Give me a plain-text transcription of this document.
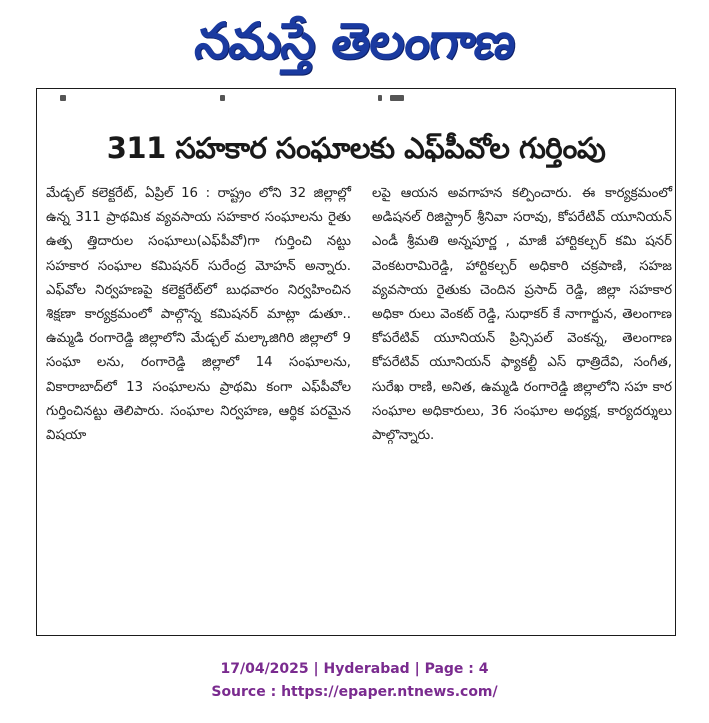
నమస్తే తెలంగాణ
311 సహకార సంఘాలకు ఎఫ్‌పీవోల గుర్తింపు

మేడ్చల్ కలెక్టరేట్, ఏప్రిల్ 16 : రాష్ట్రం లోని 32 జిల్లాల్లో ఉన్న 311 ప్రాథమిక వ్యవసాయ సహకార సంఘాలను రైతు ఉత్ప త్తిదారుల సంఘాలు(ఎఫ్‌పీవో)గా గుర్తించి నట్టు సహకార సంఘాల కమిషనర్ సురేంద్ర మోహన్ అన్నారు. ఎఫ్‌వోల నిర్వహణపై కలెక్టరేట్‌లో బుధవారం నిర్వహించిన శిక్షణా కార్యక్రమంలో పాల్గొన్న కమిషనర్ మాట్లా డుతూ.. ఉమ్మడి రంగారెడ్డి జిల్లాలోని మేడ్చల్ మల్కాజిగిరి జిల్లాలో 9 సంఘా లను, రంగారెడ్డి జిల్లాలో 14 సంఘాలను, వికారాబాద్‌లో 13 సంఘాలను ప్రాథమి కంగా ఎఫ్‌పీవోల గుర్తించినట్టు తెలిపారు. సంఘాల నిర్వహణ, ఆర్థిక పరమైన విషయా

లపై ఆయన అవగాహన కల్పించారు. ఈ కార్యక్రమంలో అడిషనల్ రిజిస్ట్రార్ శ్రీనివా సరావు, కోపరేటివ్ యూనియన్ ఎండీ శ్రీమతి అన్నపూర్ణ , మాజీ హార్టికల్చర్ కమి షనర్ వెంకటరామిరెడ్డి, హార్టికల్చర్ అధికారి చక్రపాణి, సహజ వ్యవసాయ రైతుకు చెందిన ప్రసాద్ రెడ్డి, జిల్లా సహకార అధికా రులు వెంకట్ రెడ్డి, సుధాకర్ కే నాగార్జున, తెలంగాణ కోపరేటివ్ యూనియన్ ప్రిన్సిపల్ వెంకన్న, తెలంగాణ కోపరేటివ్ యూనియన్ ఫ్యాకల్టీ ఎస్ ధాత్రిదేవి, సంగీత, సురేఖ రాణి, అనిత, ఉమ్మడి రంగారెడ్డి జిల్లాలోని సహ కార సంఘాల అధికారులు, 36 సంఘాల అధ్యక్ష, కార్యదర్శులు పాల్గొన్నారు.

17/04/2025 | Hyderabad | Page : 4
Source : https://epaper.ntnews.com/
